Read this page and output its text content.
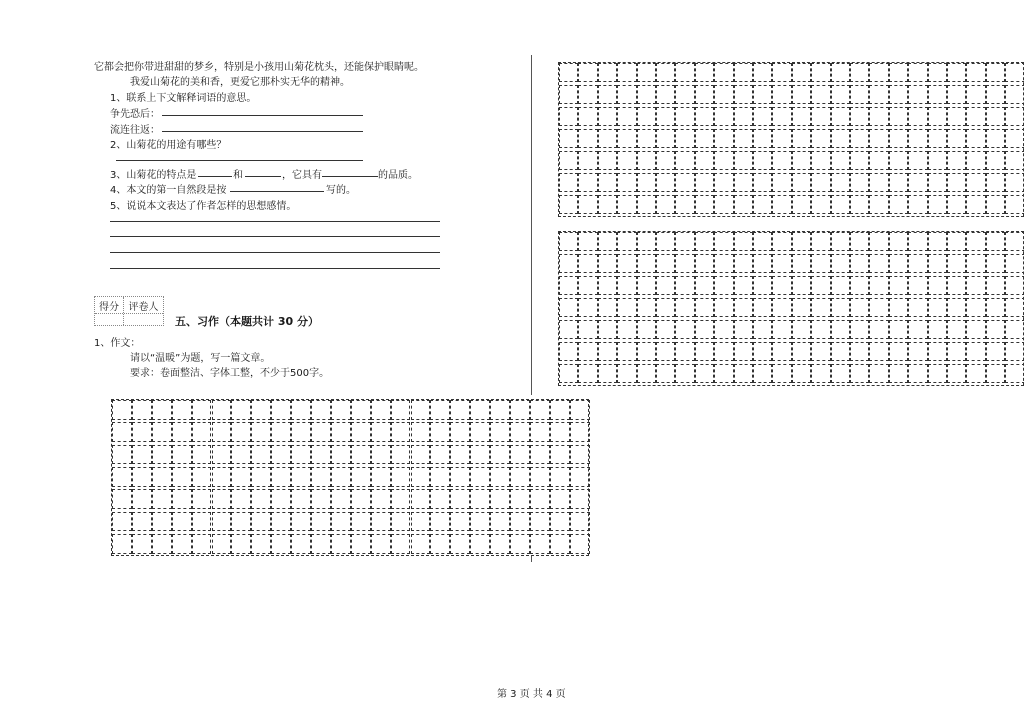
它都会把你带进甜甜的梦乡，特别是小孩用山菊花枕头，还能保护眼睛呢。
我爱山菊花的美和香，更爱它那朴实无华的精神。
1、联系上下文解释词语的意思。
争先恐后：
流连往返：
2、山菊花的用途有哪些？
3、山菊花的特点是	和	，它具有	的品质。
4、本文的第一自然段是按	写的。
5、说说本文表达了作者怎样的思想感情。
得分 评卷人
五、习作（本题共计 30 分）
1、作文：
请以“温暖”为题，写一篇文章。
要求：卷面整洁、字体工整，不少于500字。
第 3 页 共 4 页
